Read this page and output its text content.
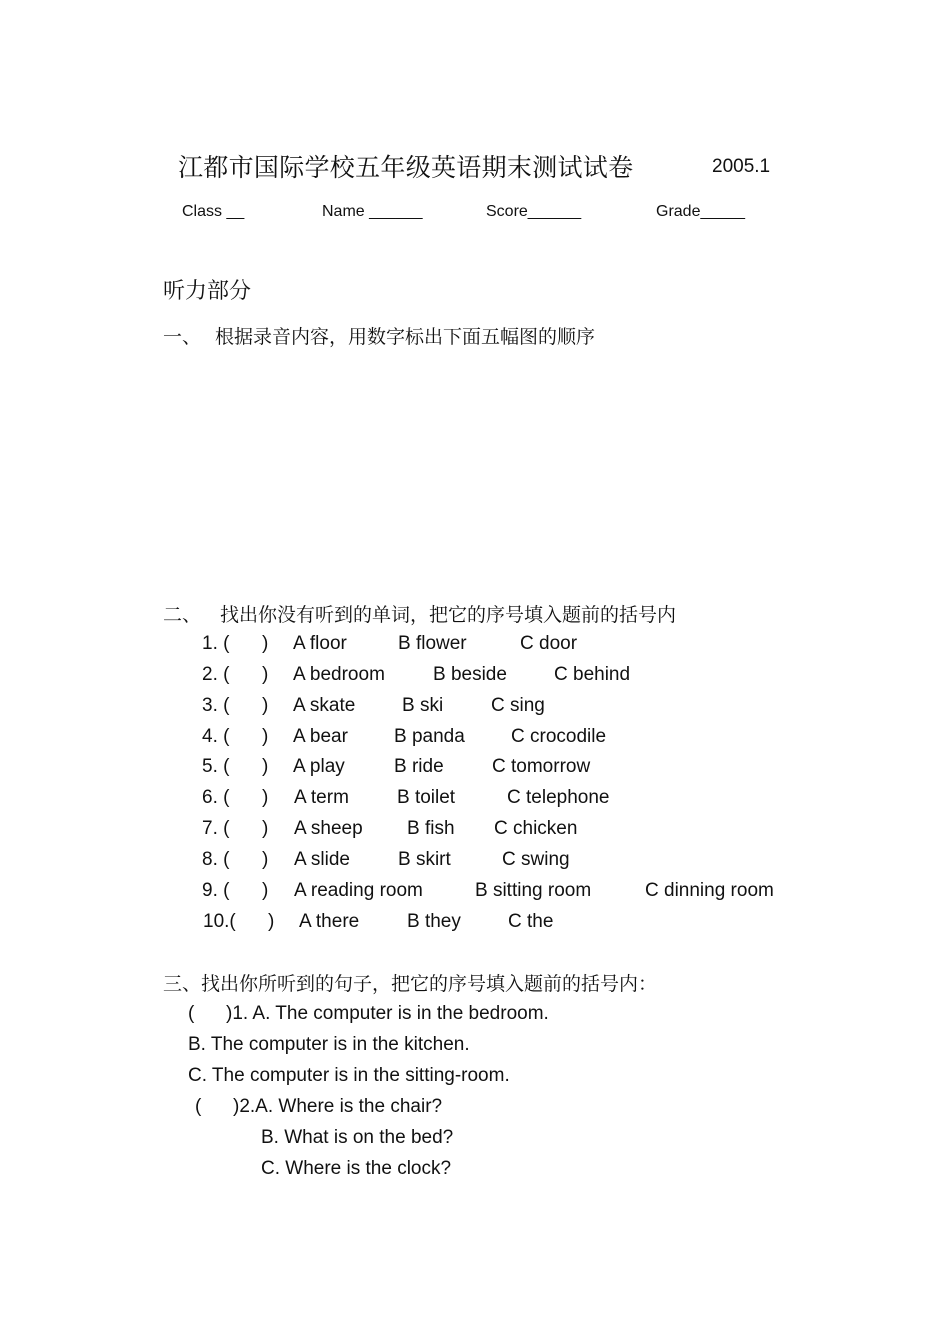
江都市国际学校五年级英语期末测试试卷	2005.1
Class __	Name ______	Score______	Grade_____
听力部分
一、 根据录音内容，用数字标出下面五幅图的顺序
二、 找出你没有听到的单词，把它的序号填入题前的括号内
1. ( ) A floor	B flower	C door
2. ( ) A bedroom	B beside C behind
3. ( ) A skate B ski	C sing
4. ( ) A bear B panda C crocodile
5. ( ) A play	B ride	C tomorrow
6. ( ) A term	B toilet	C telephone
7. ( ) A sheep B fish C chicken
8. ( ) A slide	B skirt	C swing
9. ( ) A reading room	B sitting room	C dinning room
10.( ) A there	B they C the
三、找出你所听到的句子，把它的序号填入题前的括号内：
(      )1. A. The computer is in the bedroom.
B. The computer is in the kitchen.
C. The computer is in the sitting-room.
(      )2.A. Where is the chair?
B. What is on the bed?
C. Where is the clock?
